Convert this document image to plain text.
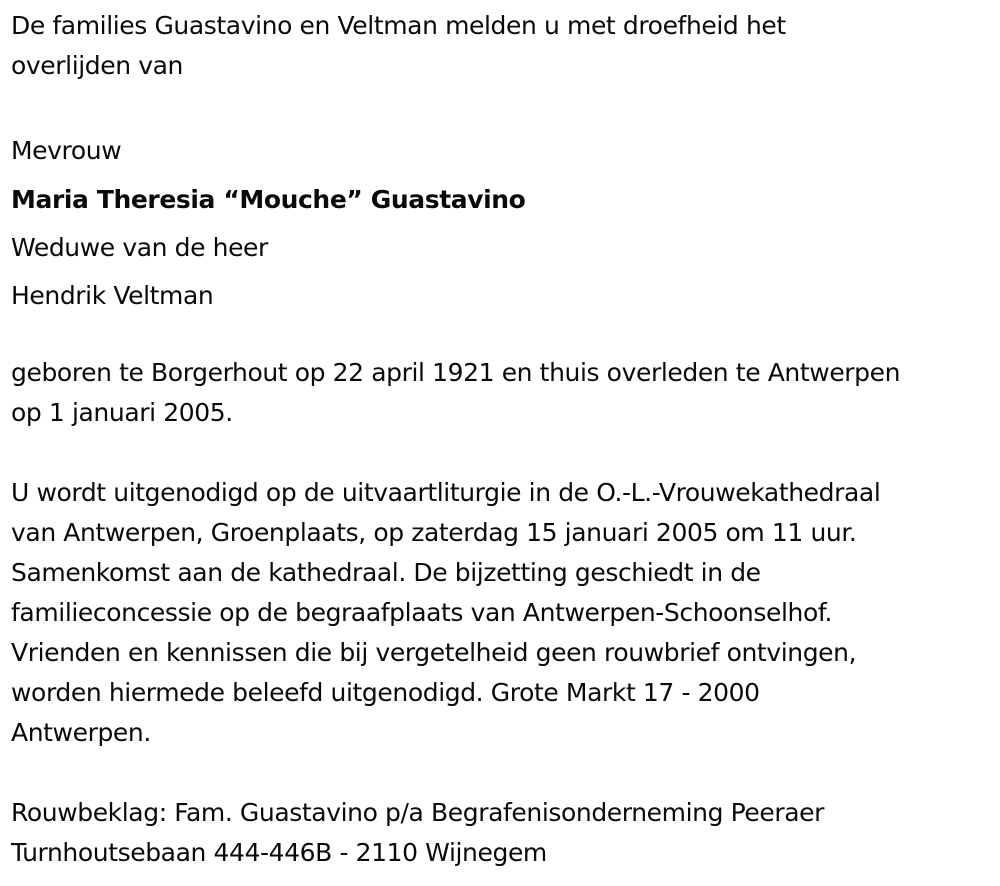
De families Guastavino en Veltman melden u met droefheid het

overlijden van

Mevrouw

Maria Theresia “Mouche” Guastavino

Weduwe van de heer

Hendrik Veltman

geboren te Borgerhout op 22 april 1921 en thuis overleden te Antwerpen

op 1 januari 2005.

U wordt uitgenodigd op de uitvaartliturgie in de O.-L.-Vrouwekathedraal

van Antwerpen, Groenplaats, op zaterdag 15 januari 2005 om 11 uur.

Samenkomst aan de kathedraal. De bijzetting geschiedt in de

familieconcessie op de begraafplaats van Antwerpen-Schoonselhof.

Vrienden en kennissen die bij vergetelheid geen rouwbrief ontvingen,

worden hiermede beleefd uitgenodigd. Grote Markt 17 - 2000

Antwerpen.

Rouwbeklag: Fam. Guastavino p/a Begrafenisonderneming Peeraer

Turnhoutsebaan 444-446B - 2110 Wijnegem
